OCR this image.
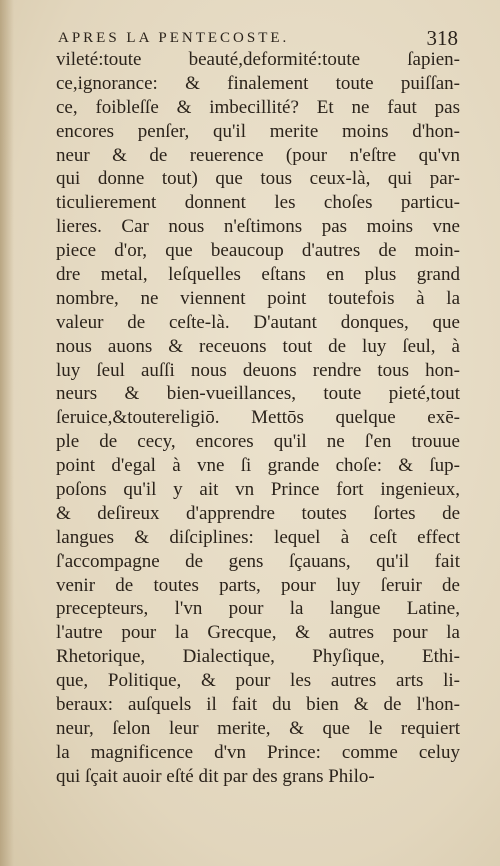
APRES LA PENTECOSTE.	318
vileté:toute beauté,deformité:toute ſapien-
ce,ignorance: & finalement toute puiſſan-
ce, foibleſſe & imbecillité? Et ne faut pas
encores penſer, qu'il merite moins d'hon-
neur & de reuerence (pour n'eſtre qu'vn
qui donne tout) que tous ceux-là, qui par-
ticulierement donnent les choſes particu-
lieres. Car nous n'eſtimons pas moins vne
piece d'or, que beaucoup d'autres de moin-
dre metal, leſquelles eſtans en plus grand
nombre, ne viennent point toutefois à la
valeur de ceſte-là. D'autant donques, que
nous auons & receuons tout de luy ſeul, à
luy ſeul auſſi nous deuons rendre tous hon-
neurs & bien-vueillances, toute pieté,tout
ſeruice,&toutereligiō. Mettōs quelque exē-
ple de cecy, encores qu'il ne ſ'en trouue
point d'egal à vne ſi grande choſe: & ſup-
poſons qu'il y ait vn Prince fort ingenieux,
& deſireux d'apprendre toutes ſortes de
langues & diſciplines: lequel à ceſt effect
ſ'accompagne de gens ſçauans, qu'il fait
venir de toutes parts, pour luy ſeruir de
precepteurs, l'vn pour la langue Latine,
l'autre pour la Grecque, & autres pour la
Rhetorique, Dialectique, Phyſique, Ethi-
que, Politique, & pour les autres arts li-
beraux: auſquels il fait du bien & de l'hon-
neur, ſelon leur merite, & que le requiert
la magnificence d'vn Prince: comme celuy
qui ſçait auoir eſté dit par des grans Philo-
